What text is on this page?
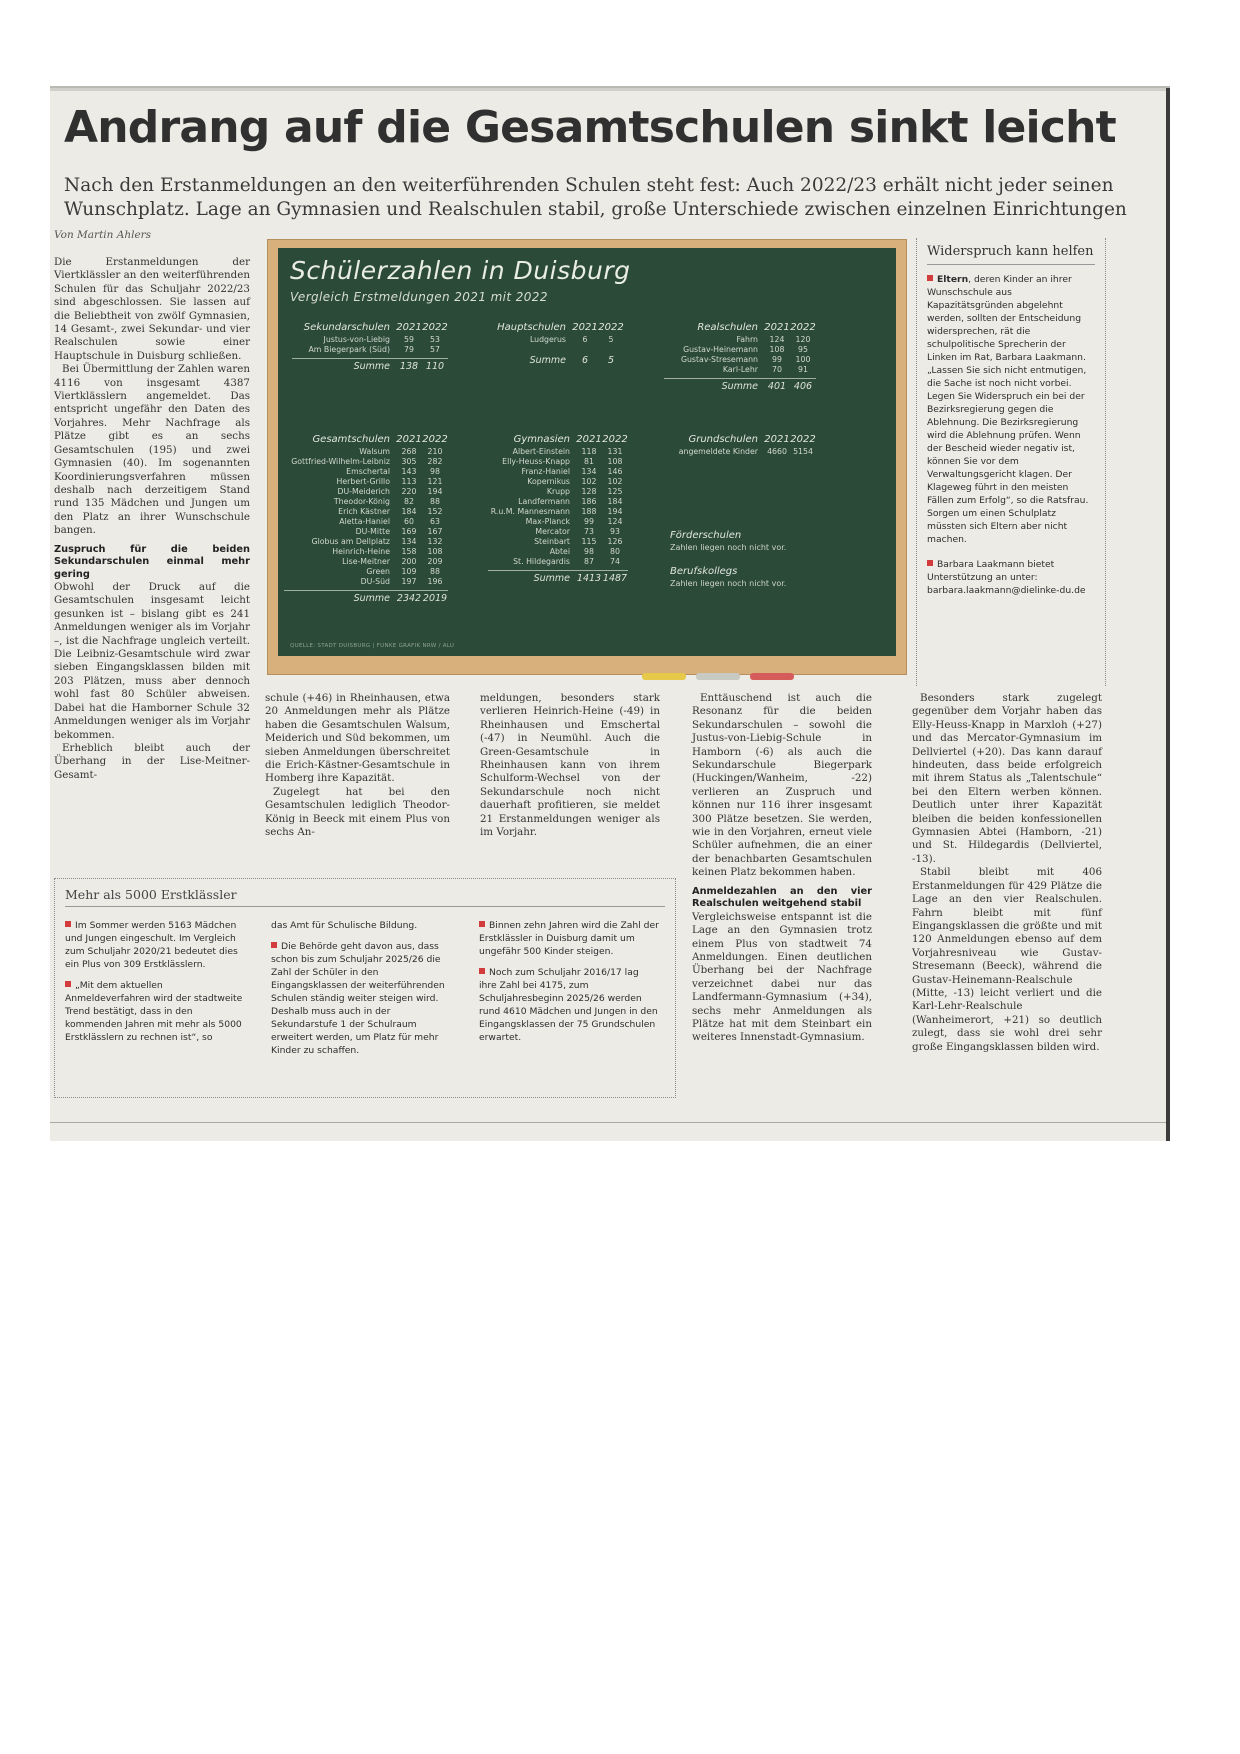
Andrang auf die Gesamtschulen sinkt leicht
Nach den Erstanmeldungen an den weiterführenden Schulen steht fest: Auch 2022/23 erhält nicht jeder seinen Wunschplatz. Lage an Gymnasien und Realschulen stabil, große Unterschiede zwischen einzelnen Einrichtungen
Von Martin Ahlers

Die Erstanmeldungen der Viertklässler an den weiterführenden Schulen für das Schuljahr 2022/23 sind abgeschlossen. Sie lassen auf die Beliebtheit von zwölf Gymnasien, 14 Gesamt-, zwei Sekundar- und vier Realschulen sowie einer Hauptschule in Duisburg schließen.

Bei Übermittlung der Zahlen waren 4116 von insgesamt 4387 Viertklässlern angemeldet. Das entspricht ungefähr den Daten des Vorjahres. Mehr Nachfrage als Plätze gibt es an sechs Gesamtschulen (195) und zwei Gymnasien (40). Im sogenannten Koordinierungsverfahren müssen deshalb nach derzeitigem Stand rund 135 Mädchen und Jungen um den Platz an ihrer Wunschschule bangen.

Zuspruch für die beiden Sekundarschulen einmal mehr gering

Obwohl der Druck auf die Gesamtschulen insgesamt leicht gesunken ist – bislang gibt es 241 Anmeldungen weniger als im Vorjahr –, ist die Nachfrage ungleich verteilt. Die Leibniz-Gesamtschule wird zwar sieben Eingangsklassen bilden mit 203 Plätzen, muss aber dennoch wohl fast 80 Schüler abweisen. Dabei hat die Hamborner Schule 32 Anmeldungen weniger als im Vorjahr bekommen.

Erheblich bleibt auch der Überhang in der Lise-Meitner-Gesamt-

Schülerzahlen in Duisburg
Vergleich Erstmeldungen 2021 mit 2022
Sekundarschulen 2021 2022
Justus-von-Liebig	59	53
Am Biegerpark (Süd)	79	57
Summe	138 110
Hauptschulen 2021 2022
Ludgerus	6	5
Summe	6	5
Realschulen 2021 2022
Fahrn	124	120
Gustav-Heinemann	108	95
Gustav-Stresemann	99	100
Karl-Lehr	70	91
Summe	401 406
Gesamtschulen 2021 2022
Walsum	268	210
Gottfried-Wilhelm-Leibniz	305	282
Emschertal	143	98
Herbert-Grillo	113	121
DU-Meiderich	220	194
Theodor-König	82	88
Erich Kästner	184	152
Aletta-Haniel	60	63
DU-Mitte	169	167
Globus am Dellplatz	134	132
Heinrich-Heine	158	108
Lise-Meitner	200	209
Green	109	88
DU-Süd	197	196
Summe 2342 2019
Gymnasien 2021 2022
Albert-Einstein	118	131
Elly-Heuss-Knapp	81	108
Franz-Haniel	134	146
Kopernikus	102	102
Krupp	128	125
Landfermann	186	184
R.u.M. Mannesmann	188	194
Max-Planck	99	124
Mercator	73	93
Steinbart	115	126
Abtei	98	80
St. Hildegardis	87	74
Summe 1413 1487
Grundschulen 2021 2022
angemeldete Kinder	4660 5154
Förderschulen
Zahlen liegen noch nicht vor.
Berufskollegs
Zahlen liegen noch nicht vor.
QUELLE: STADT DUISBURG | FUNKE GRAFIK NRW / ALU
Widerspruch kann helfen
Eltern, deren Kinder an ihrer Wunschschule aus Kapazitätsgründen abgelehnt werden, sollten der Entscheidung widersprechen, rät die schulpolitische Sprecherin der Linken im Rat, Barbara Laakmann. „Lassen Sie sich nicht entmutigen, die Sache ist noch nicht vorbei. Legen Sie Widerspruch ein bei der Bezirksregierung gegen die Ablehnung. Die Bezirksregierung wird die Ablehnung prüfen. Wenn der Bescheid wieder negativ ist, können Sie vor dem Verwaltungsgericht klagen. Der Klageweg führt in den meisten Fällen zum Erfolg“, so die Ratsfrau. Sorgen um einen Schulplatz müssten sich Eltern aber nicht machen.
Barbara Laakmann bietet Unterstützung an unter: barbara.laakmann@dielinke-du.de

schule (+46) in Rheinhausen, etwa 20 Anmeldungen mehr als Plätze haben die Gesamtschulen Walsum, Meiderich und Süd bekommen, um sieben Anmeldungen überschreitet die Erich-Kästner-Gesamtschule in Homberg ihre Kapazität.

Zugelegt hat bei den Gesamtschulen lediglich Theodor-König in Beeck mit einem Plus von sechs An-

meldungen, besonders stark verlieren Heinrich-Heine (-49) in Rheinhausen und Emschertal (-47) in Neumühl. Auch die Green-Gesamtschule in Rheinhausen kann von ihrem Schulform-Wechsel von der Sekundarschule noch nicht dauerhaft profitieren, sie meldet 21 Erstanmeldungen weniger als im Vorjahr.

Enttäuschend ist auch die Resonanz für die beiden Sekundarschulen – sowohl die Justus-von-Liebig-Schule in Hamborn (-6) als auch die Sekundarschule Biegerpark (Huckingen/Wanheim, -22) verlieren an Zuspruch und können nur 116 ihrer insgesamt 300 Plätze besetzen. Sie werden, wie in den Vorjahren, erneut viele Schüler aufnehmen, die an einer der benachbarten Gesamtschulen keinen Platz bekommen haben.

Anmeldezahlen an den vier Realschulen weitgehend stabil

Vergleichsweise entspannt ist die Lage an den Gymnasien trotz einem Plus von stadtweit 74 Anmeldungen. Einen deutlichen Überhang bei der Nachfrage verzeichnet dabei nur das Landfermann-Gymnasium (+34), sechs mehr Anmeldungen als Plätze hat mit dem Steinbart ein weiteres Innenstadt-Gymnasium.

Besonders stark zugelegt gegenüber dem Vorjahr haben das Elly-Heuss-Knapp in Marxloh (+27) und das Mercator-Gymnasium im Dellviertel (+20). Das kann darauf hindeuten, dass beide erfolgreich mit ihrem Status als „Talentschule“ bei den Eltern werben können. Deutlich unter ihrer Kapazität bleiben die beiden konfessionellen Gymnasien Abtei (Hamborn, -21) und St. Hildegardis (Dellviertel, -13).

Stabil bleibt mit 406 Erstanmeldungen für 429 Plätze die Lage an den vier Realschulen. Fahrn bleibt mit fünf Eingangsklassen die größte und mit 120 Anmeldungen ebenso auf dem Vorjahresniveau wie Gustav-Stresemann (Beeck), während die Gustav-Heinemann-Realschule (Mitte, -13) leicht verliert und die Karl-Lehr-Realschule (Wanheimerort, +21) so deutlich zulegt, dass sie wohl drei sehr große Eingangsklassen bilden wird.

Mehr als 5000 Erstklässler

Im Sommer werden 5163 Mädchen und Jungen eingeschult. Im Vergleich zum Schuljahr 2020/21 bedeutet dies ein Plus von 309 Erstklässlern.

„Mit dem aktuellen Anmeldeverfahren wird der stadtweite Trend bestätigt, dass in den kommenden Jahren mit mehr als 5000 Erstklässlern zu rechnen ist“, so

das Amt für Schulische Bildung.

Die Behörde geht davon aus, dass schon bis zum Schuljahr 2025/26 die Zahl der Schüler in den Eingangsklassen der weiterführenden Schulen ständig weiter steigen wird. Deshalb muss auch in der Sekundarstufe 1 der Schulraum erweitert werden, um Platz für mehr Kinder zu schaffen.

Binnen zehn Jahren wird die Zahl der Erstklässler in Duisburg damit um ungefähr 500 Kinder steigen.

Noch zum Schuljahr 2016/17 lag ihre Zahl bei 4175, zum Schuljahresbeginn 2025/26 werden rund 4610 Mädchen und Jungen in den Eingangsklassen der 75 Grundschulen erwartet.
